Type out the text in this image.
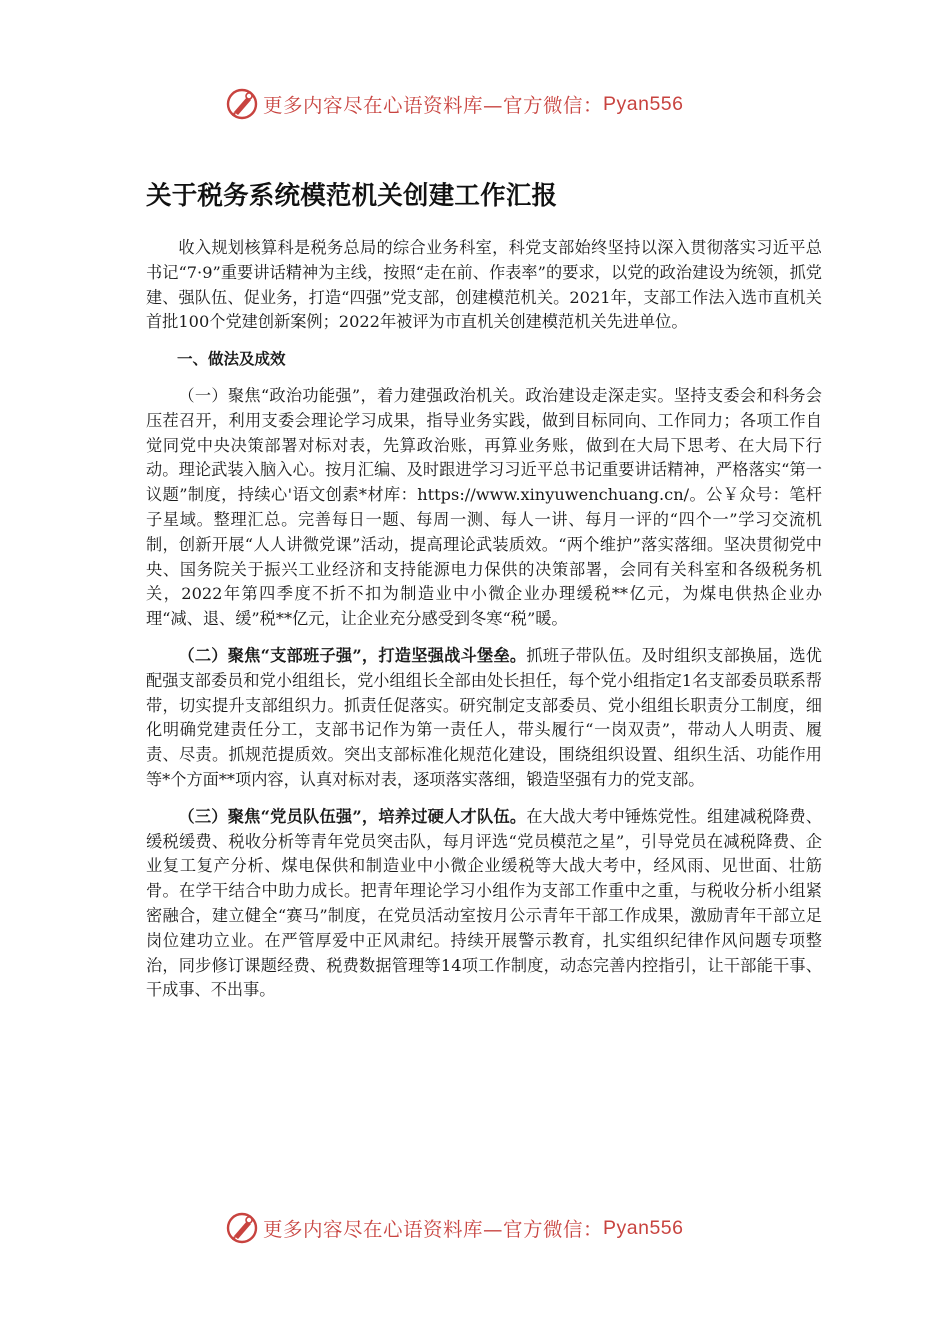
更多内容尽在心语资料库—官方微信： Pyan556
关于税务系统模范机关创建工作汇报

收入规划核算科是税务总局的综合业务科室，科党支部始终坚持以深入贯彻落实习近平总书记“7·9”重要讲话精神为主线，按照“走在前、作表率”的要求，以党的政治建设为统领，抓党建、强队伍、促业务，打造“四强”党支部，创建模范机关。2021年，支部工作法入选市直机关首批100个党建创新案例；2022年被评为市直机关创建模范机关先进单位。

一、做法及成效

（一）聚焦“政治功能强”，着力建强政治机关。政治建设走深走实。坚持支委会和科务会压茬召开，利用支委会理论学习成果，指导业务实践，做到目标同向、工作同力；各项工作自觉同党中央决策部署对标对表，先算政治账，再算业务账，做到在大局下思考、在大局下行动。理论武装入脑入心。按月汇编、及时跟进学习习近平总书记重要讲话精神，严格落实“第一议题”制度，持续心'语文创素*材库：https://www.xinyuwenchuang.cn/。公￥众号：笔杆子星域。整理汇总。完善每日一题、每周一测、每人一讲、每月一评的“四个一”学习交流机制，创新开展“人人讲微党课”活动，提高理论武装质效。“两个维护”落实落细。坚决贯彻党中央、国务院关于振兴工业经济和支持能源电力保供的决策部署，会同有关科室和各级税务机关，2022年第四季度不折不扣为制造业中小微企业办理缓税**亿元，为煤电供热企业办理“减、退、缓”税**亿元，让企业充分感受到冬寒“税”暖。

（二）聚焦“支部班子强”，打造坚强战斗堡垒。抓班子带队伍。及时组织支部换届，选优配强支部委员和党小组组长，党小组组长全部由处长担任，每个党小组指定1名支部委员联系帮带，切实提升支部组织力。抓责任促落实。研究制定支部委员、党小组组长职责分工制度，细化明确党建责任分工，支部书记作为第一责任人，带头履行“一岗双责”，带动人人明责、履责、尽责。抓规范提质效。突出支部标准化规范化建设，围绕组织设置、组织生活、功能作用等*个方面**项内容，认真对标对表，逐项落实落细，锻造坚强有力的党支部。

（三）聚焦“党员队伍强”，培养过硬人才队伍。在大战大考中锤炼党性。组建减税降费、缓税缓费、税收分析等青年党员突击队，每月评选“党员模范之星”，引导党员在减税降费、企业复工复产分析、煤电保供和制造业中小微企业缓税等大战大考中，经风雨、见世面、壮筋骨。在学干结合中助力成长。把青年理论学习小组作为支部工作重中之重，与税收分析小组紧密融合，建立健全“赛马”制度，在党员活动室按月公示青年干部工作成果，激励青年干部立足岗位建功立业。在严管厚爱中正风肃纪。持续开展警示教育，扎实组织纪律作风问题专项整治，同步修订课题经费、税费数据管理等14项工作制度，动态完善内控指引，让干部能干事、干成事、不出事。

更多内容尽在心语资料库—官方微信： Pyan556
